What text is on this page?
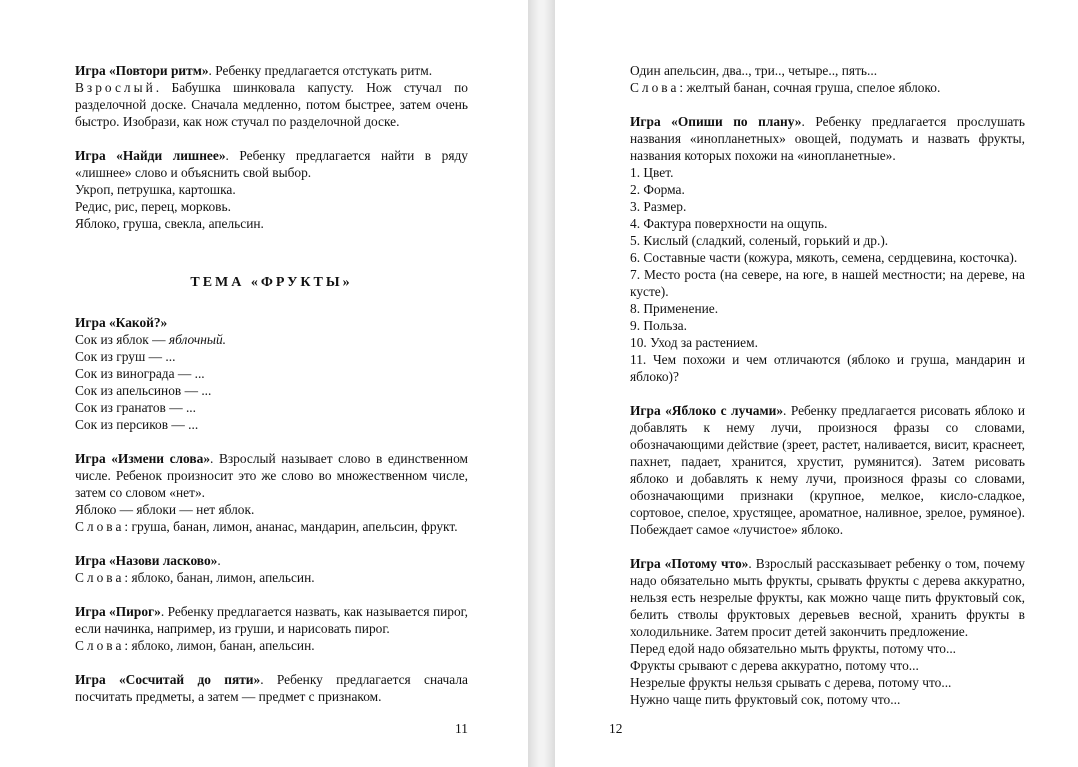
Игра «Повтори ритм». Ребенку предлагается отстукать ритм.

Взрослый. Бабушка шинковала капусту. Нож стучал по разделочной доске. Сначала медленно, потом быстрее, затем очень быстро. Изобрази, как нож стучал по разделочной доске.

Игра «Найди лишнее». Ребенку предлагается найти в ряду «лишнее» слово и объяснить свой выбор.

Укроп, петрушка, картошка.

Редис, рис, перец, морковь.

Яблоко, груша, свекла, апельсин.

ТЕМА «ФРУКТЫ»

Игра «Какой?»

Сок из яблок — яблочный.

Сок из груш — ...

Сок из винограда — ...

Сок из апельсинов — ...

Сок из гранатов — ...

Сок из персиков — ...

Игра «Измени слова». Взрослый называет слово в единственном числе. Ребенок произносит это же слово во множественном числе, затем со словом «нет».

Яблоко — яблоки — нет яблок.

Слова: груша, банан, лимон, ананас, мандарин, апельсин, фрукт.

Игра «Назови ласково».

Слова: яблоко, банан, лимон, апельсин.

Игра «Пирог». Ребенку предлагается назвать, как называется пирог, если начинка, например, из груши, и нарисовать пирог.

Слова: яблоко, лимон, банан, апельсин.

Игра «Сосчитай до пяти». Ребенку предлагается сначала посчитать предметы, а затем — предмет с признаком.

11

Один апельсин, два.., три.., четыре.., пять...

Слова: желтый банан, сочная груша, спелое яблоко.

Игра «Опиши по плану». Ребенку предлагается прослушать названия «инопланетных» овощей, подумать и назвать фрукты, названия которых похожи на «инопланетные».

1. Цвет.

2. Форма.

3. Размер.

4. Фактура поверхности на ощупь.

5. Кислый (сладкий, соленый, горький и др.).

6. Составные части (кожура, мякоть, семена, сердцевина, косточка).

7. Место роста (на севере, на юге, в нашей местности; на дереве, на кусте).

8. Применение.

9. Польза.

10. Уход за растением.

11. Чем похожи и чем отличаются (яблоко и груша, мандарин и яблоко)?

Игра «Яблоко с лучами». Ребенку предлагается рисовать яблоко и добавлять к нему лучи, произнося фразы со словами, обозначающими действие (зреет, растет, наливается, висит, краснеет, пахнет, падает, хранится, хрустит, румянится). Затем рисовать яблоко и добавлять к нему лучи, произнося фразы со словами, обозначающими признаки (крупное, мелкое, кисло-сладкое, сортовое, спелое, хрустящее, ароматное, наливное, зрелое, румяное). Побеждает самое «лучистое» яблоко.

Игра «Потому что». Взрослый рассказывает ребенку о том, почему надо обязательно мыть фрукты, срывать фрукты с дерева аккуратно, нельзя есть незрелые фрукты, как можно чаще пить фруктовый сок, белить стволы фруктовых деревьев весной, хранить фрукты в холодильнике. Затем просит детей закончить предложение.

Перед едой надо обязательно мыть фрукты, потому что...

Фрукты срывают с дерева аккуратно, потому что...

Незрелые фрукты нельзя срывать с дерева, потому что...

Нужно чаще пить фруктовый сок, потому что...

12
